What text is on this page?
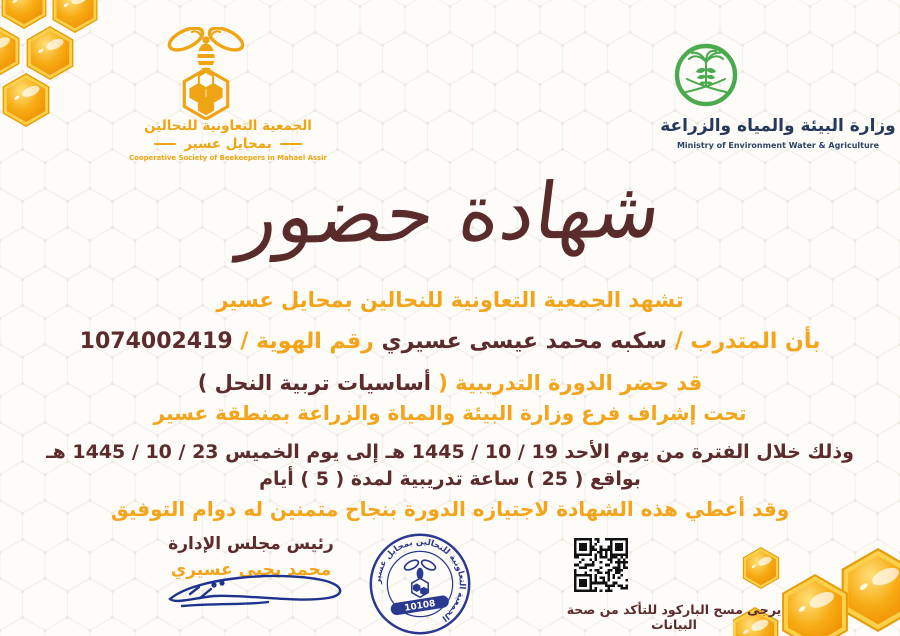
الجمعية التعاونية للنحالين
بمحايل عسير
Cooperative Society of Beekeepers in Mahael Assir
وزارة البيئة والمياه والزراعة
Ministry of Environment Water & Agriculture
شهادة حضور
تشهد الجمعية التعاونية للنحالين بمحايل عسير
بأن المتدرب / سكبه محمد عيسى عسيري رقم الهوية / 1074002419
قد حضر الدورة التدريبية ( أساسيات تربية النحل )
تحت إشراف فرع وزارة البيئة والمياة والزراعة بمنطقة عسير
وذلك خلال الفترة من يوم الأحد 19 / 10 / 1445 هـ إلى يوم الخميس 23 / 10 / 1445 هـ
بواقع ( 25 ) ساعة تدريبية لمدة ( 5 ) أيام
وقد أعطي هذه الشهادة لاجتيازه الدورة بنجاح متمنين له دوام التوفيق
رئيس مجلس الإدارة
محمد يحيى عسيري
الجمعية التعاونية للنحالين بمحايل عسير
10108	يرجى مسح الباركود للتأكد من صحة البيانات
